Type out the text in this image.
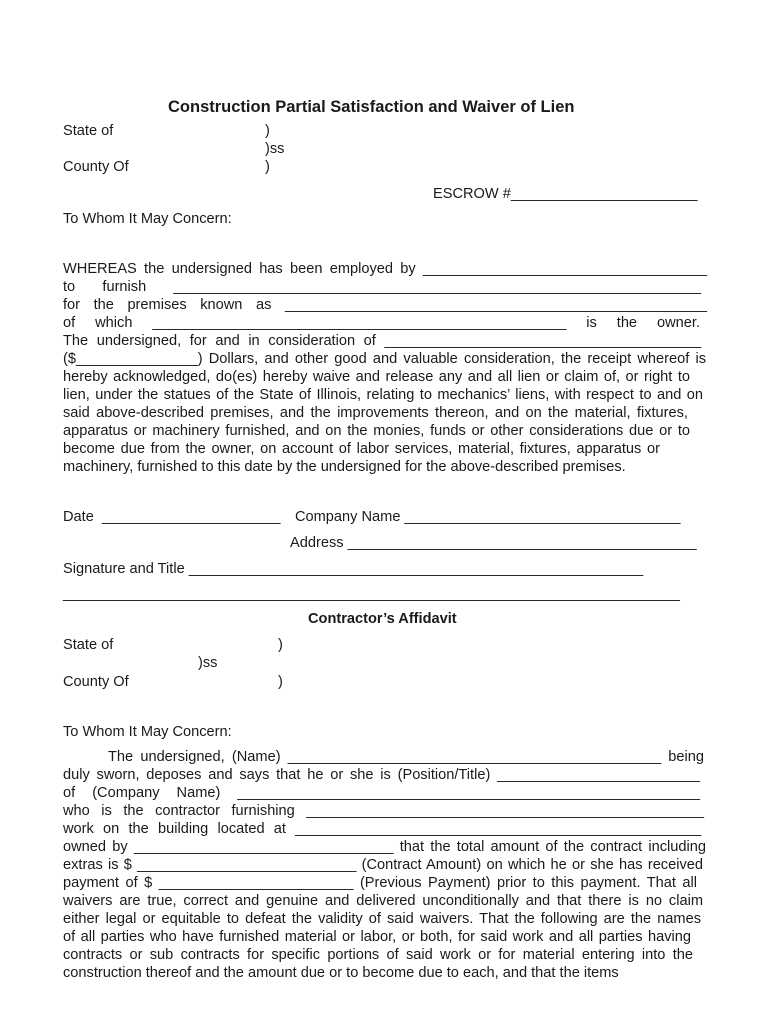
Construction Partial Satisfaction and Waiver of Lien
State of	)
)ss
County Of	)
ESCROW #_______________________
To Whom It May Concern:
WHEREAS the undersigned has been employed by ___________________________________
to furnish _________________________________________________________________
for the premises known as ____________________________________________________
of which ___________________________________________________ is the owner.
The undersigned, for and in consideration of _______________________________________
($_______________) Dollars, and other good and valuable consideration, the receipt whereof is
hereby acknowledged, do(es) hereby waive and release any and all lien or claim of, or right to
lien, under the statues of the State of Illinois, relating to mechanics’ liens, with respect to and on
said above-described premises, and the improvements thereon, and on the material, fixtures,
apparatus or machinery furnished, and on the monies, funds or other considerations due or to
become due from the owner, on account of labor services, material, fixtures, apparatus or
machinery, furnished to this date by the undersigned for the above-described premises.
Date  ______________________ Company Name __________________________________
Address ___________________________________________
Signature and Title ________________________________________________________
____________________________________________________________________________
Contractor’s Affidavit
State of	)
)ss
County Of	)
To Whom It May Concern:
The undersigned, (Name) ______________________________________________ being
duly sworn, deposes and says that he or she is (Position/Title) _________________________
of (Company Name) _________________________________________________________
who is the contractor furnishing _________________________________________________
work on the building located at __________________________________________________
owned by ________________________________ that the total amount of the contract including
extras is $ ___________________________ (Contract Amount) on which he or she has received
payment of $ ________________________ (Previous Payment) prior to this payment. That all
waivers are true, correct and genuine and delivered unconditionally and that there is no claim
either legal or equitable to defeat the validity of said waivers. That the following are the names
of all parties who have furnished material or labor, or both, for said work and all parties having
contracts or sub contracts for specific portions of said work or for material entering into the
construction thereof and the amount due or to become due to each, and that the items
